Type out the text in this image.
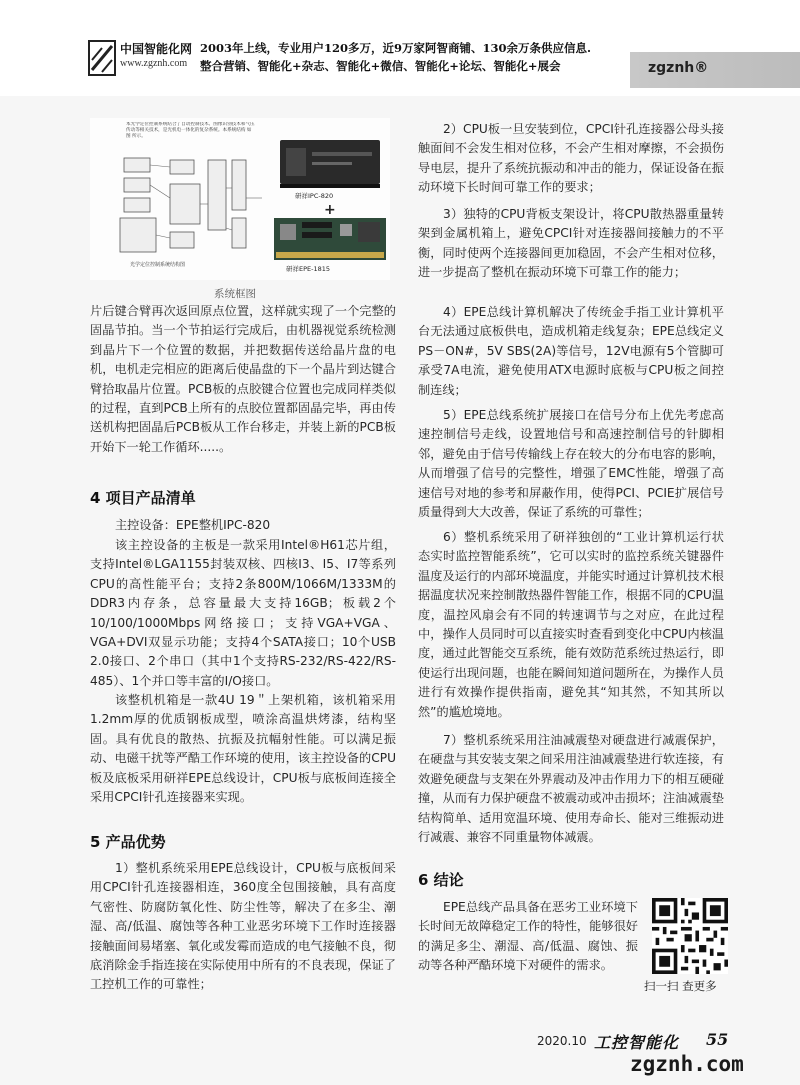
中国智能化网
www.zgznh.com
2003年上线，专业用户120多万，近9万家阿智商铺、130余万条供应信息.
整合营销、智能化+杂志、智能化+微信、智能化+论坛、智能化+展会	zgznh®
本光学定位控制系统结合了自动控制技术、图像识别技术和气压传动等相关技术，是光机电一体化的复杂系统。本系统结构 如图 所示。
光学定位控制系统结构图
研祥IPC-820
+
研祥EPE-1815
系统框图
片后键合臂再次返回原点位置，这样就实现了一个完整的固晶节拍。当一个节拍运行完成后，由机器视觉系统检测到晶片下一个位置的数据，并把数据传送给晶片盘的电机，电机走完相应的距离后使晶盘的下一个晶片到达键合臂拾取晶片位置。PCB板的点胶键合位置也完成同样类似的过程，直到PCB上所有的点胶位置都固晶完毕，再由传送机构把固晶后PCB板从工作台移走，并装上新的PCB板开始下一轮工作循环.....。
4 项目产品清单
主控设备：EPE整机IPC-820
该主控设备的主板是一款采用Intel®H61芯片组，支持Intel®LGA1155封装双核、四核I3、I5、I7等系列CPU的高性能平台；支持2条800M/1066M/1333M的DDR3内存条，总容量最大支持16GB；板载2个10/100/1000Mbps网络接口；支持VGA+VGA、VGA+DVI双显示功能；支持4个SATA接口；10个USB 2.0接口、2个串口（其中1个支持RS-232/RS-422/RS-485）、1个并口等丰富的I/O接口。
该整机机箱是一款4U 19＂上架机箱，该机箱采用1.2mm厚的优质钢板成型，喷涂高温烘烤漆，结构坚固。具有优良的散热、抗振及抗幅射性能。可以满足振动、电磁干扰等严酷工作环境的使用，该主控设备的CPU板及底板采用研祥EPE总线设计，CPU板与底板间连接全采用CPCI针孔连接器来实现。
5 产品优势
1）整机系统采用EPE总线设计，CPU板与底板间采用CPCI针孔连接器相连，360度全包围接触，具有高度气密性、防腐防氧化性、防尘性等，解决了在多尘、潮湿、高/低温、腐蚀等各种工业恶劣环境下工作时连接器接触面间易堵塞、氧化或发霉而造成的电气接触不良，彻底消除金手指连接在实际使用中所有的不良表现，保证了工控机工作的可靠性；
2）CPU板一旦安装到位，CPCI针孔连接器公母头接触面间不会发生相对位移，不会产生相对摩擦，不会损伤导电层，提升了系统抗振动和冲击的能力，保证设备在振动环境下长时间可靠工作的要求；
3）独特的CPU背板支架设计，将CPU散热器重量转架到金属机箱上，避免CPCI针对连接器间接触力的不平衡，同时使两个连接器间更加稳固，不会产生相对位移，进一步提高了整机在振动环境下可靠工作的能力；
4）EPE总线计算机解决了传统金手指工业计算机平台无法通过底板供电，造成机箱走线复杂；EPE总线定义PS－ON#，5V SBS(2A)等信号，12V电源有5个管脚可承受7A电流，避免使用ATX电源时底板与CPU板之间控制连线；
5）EPE总线系统扩展接口在信号分布上优先考虑高速控制信号走线，设置地信号和高速控制信号的针脚相邻，避免由于信号传输线上存在较大的分布电容的影响，从而增强了信号的完整性，增强了EMC性能，增强了高速信号对地的参考和屏蔽作用，使得PCI、PCIE扩展信号质量得到大大改善，保证了系统的可靠性；
6）整机系统采用了研祥独创的“工业计算机运行状态实时监控智能系统”，它可以实时的监控系统关键器件温度及运行的内部环境温度，并能实时通过计算机技术根据温度状况来控制散热器件智能工作，根据不同的CPU温度，温控风扇会有不同的转速调节与之对应，在此过程中，操作人员同时可以直接实时查看到变化中CPU内核温度，通过此智能交互系统，能有效防范系统过热运行，即使运行出现问题，也能在瞬间知道问题所在，为操作人员进行有效操作提供指南，避免其“知其然，不知其所以然”的尴尬境地。
7）整机系统采用注油减震垫对硬盘进行减震保护，在硬盘与其安装支架之间采用注油减震垫进行软连接，有效避免硬盘与支架在外界震动及冲击作用力下的相互硬碰撞，从而有力保护硬盘不被震动或冲击损坏；注油减震垫结构简单、适用宽温环境、使用寿命长、能对三维振动进行减震、兼容不同重量物体减震。
6 结论
EPE总线产品具备在恶劣工业环境下长时间无故障稳定工作的特性，能够很好的满足多尘、潮湿、高/低温、腐蚀、振动等各种严酷环境下对硬件的需求。
扫一扫 查更多
2020.10 工控智能化 55
zgznh.com
